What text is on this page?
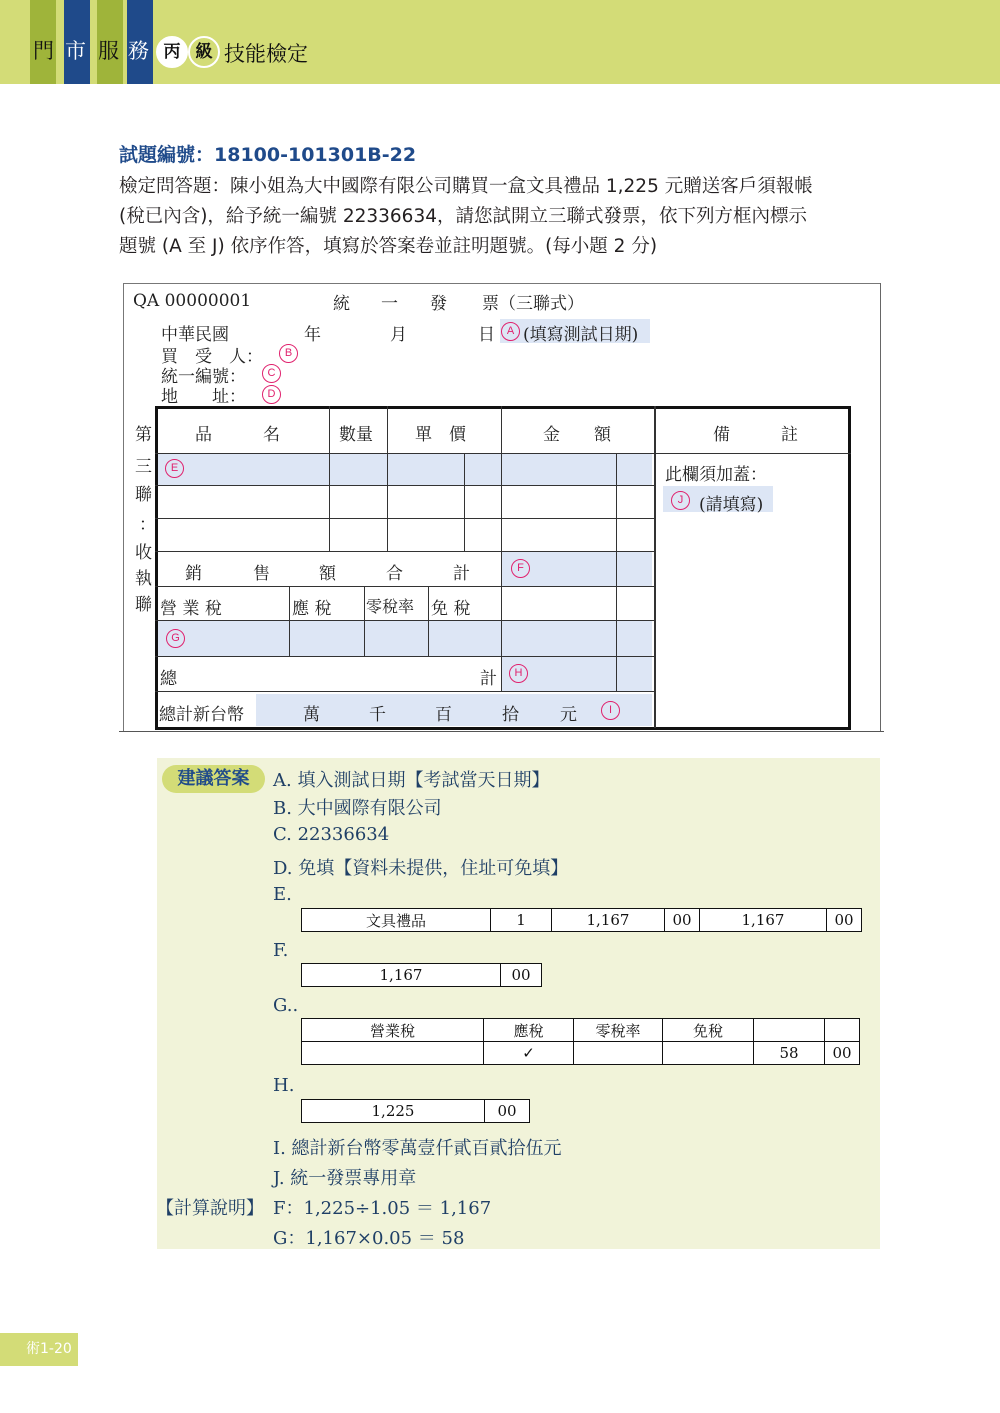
門 市 服 務 丙 級 技能檢定
試題編號：18100-101301B-22
檢定問答題：陳小姐為大中國際有限公司購買一盒文具禮品 1,225 元贈送客戶須報帳
(稅已內含)，給予統一編號 22336634，請您試開立三聯式發票，依下列方框內標示
題號 (A 至 J) 依序作答，填寫於答案卷並註明題號。(每小題 2 分)
QA 00000001	統 一 發 票（三聯式）
中華民國	年	月	日	A (填寫測試日期)
買　受　人：	B
統一編號：	C
地　　址：	D
第
三
聯
：
收
執
聯
品　　　名	數量 單　價	金　　額	備　　　註
E
銷	售	額	合	計	F
營 業 稅	應 稅 零稅率 免 稅
G
總	計	H
總計新台幣	萬	千	百	拾 元	I
此欄須加蓋：
J (請填寫)
建議答案	A. 填入測試日期【考試當天日期】
B. 大中國際有限公司
C. 22336634
D. 免填【資料未提供，住址可免填】
E.
文具禮品	1	1,167	00	1,167	00
F.
1,167	00
G..
營業稅	應稅	零稅率	免稅		
	✓			58	00
H.
1,225	00
I. 總計新台幣零萬壹仟貳百貳拾伍元
J. 統一發票專用章
【計算說明】 F：1,225÷1.05 ＝ 1,167
G：1,167×0.05 ＝ 58
術1-20
